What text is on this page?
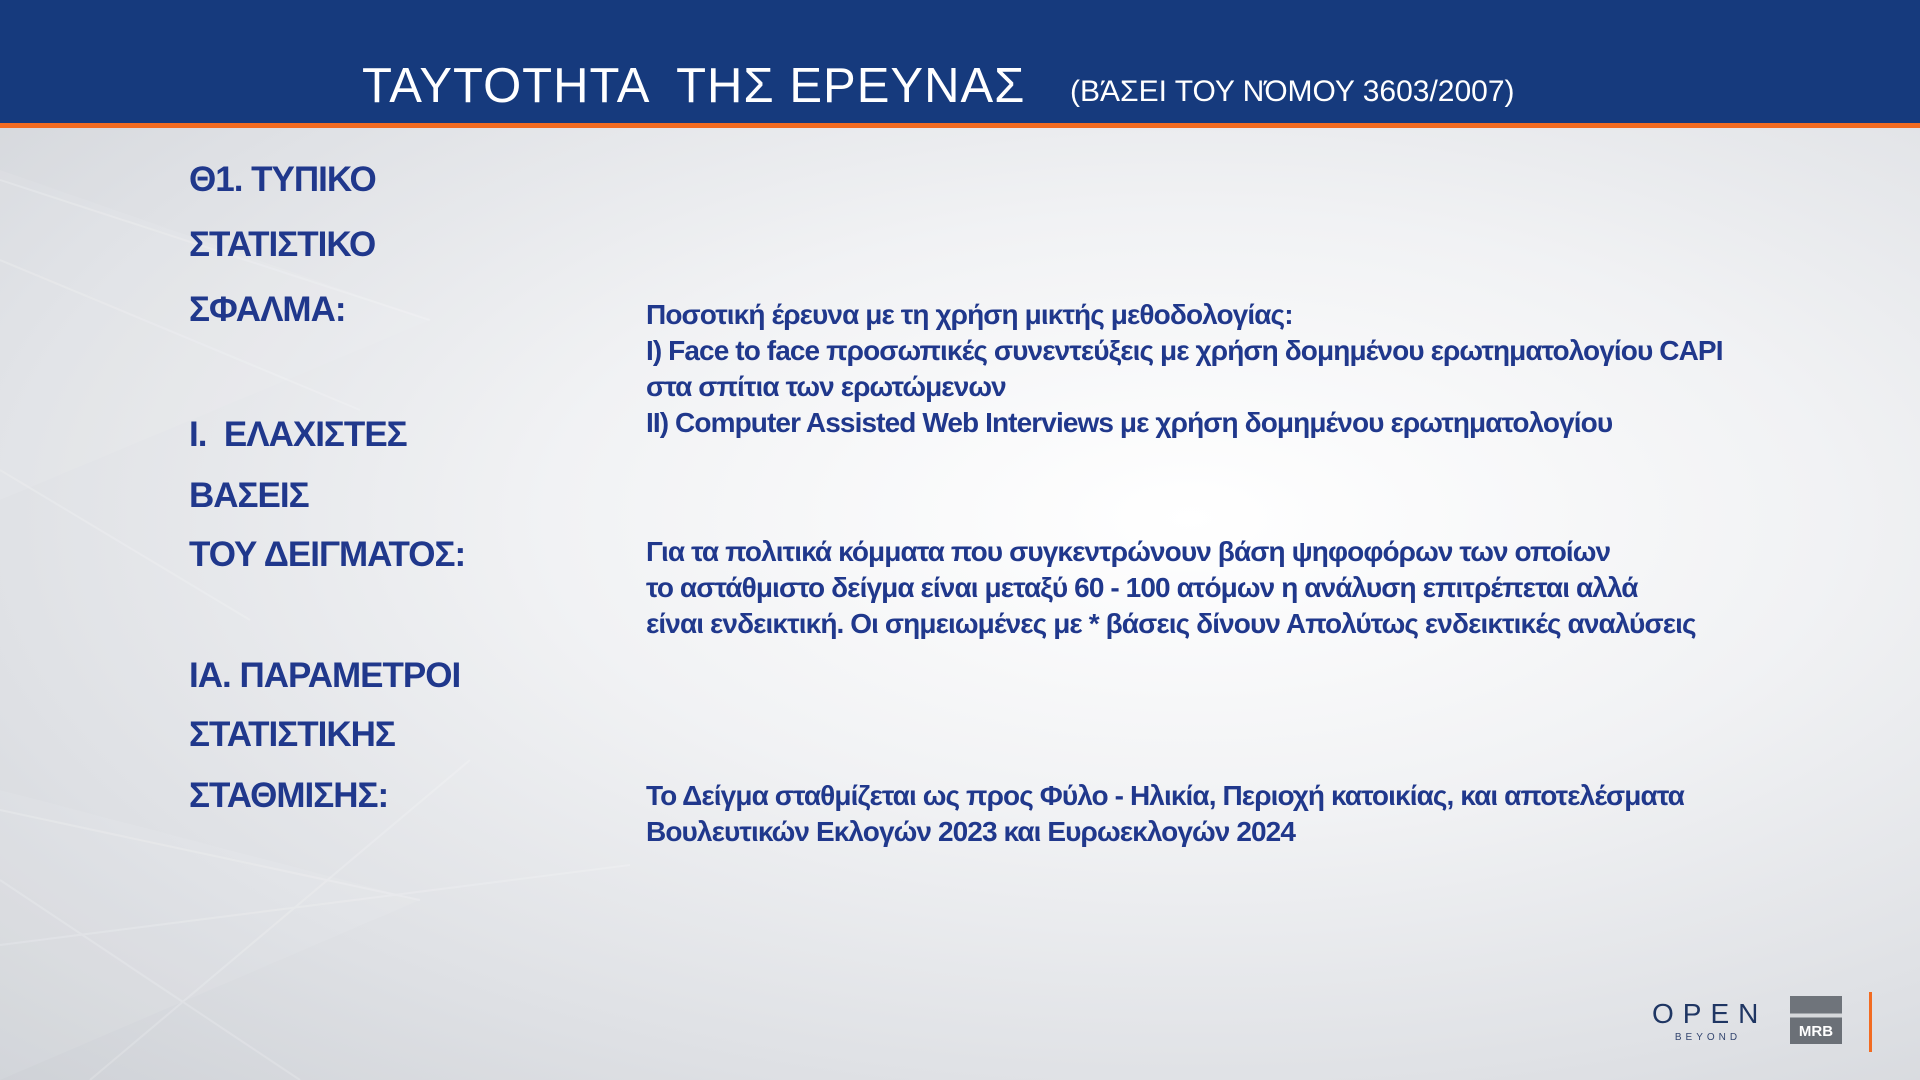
ΤΑΥΤΟΤΗΤΑ  ΤΗΣ ΕΡΕΥΝΑΣ (ΒΆΣΕΙ ΤΟΥ ΝΌΜΟΥ 3603/2007)
Θ1. ΤΥΠΙΚΟ
ΣΤΑΤΙΣΤΙΚΟ
ΣΦΑΛΜΑ:
Ι.  ΕΛΑΧΙΣΤΕΣ
ΒΑΣΕΙΣ
ΤΟΥ ΔΕΙΓΜΑΤΟΣ:
ΙΑ. ΠΑΡΑΜΕΤΡΟΙ
ΣΤΑΤΙΣΤΙΚΗΣ
ΣΤΑΘΜΙΣΗΣ:
Ποσοτική έρευνα με τη χρήση μικτής μεθοδολογίας:
Ι) Face to face προσωπικές συνεντεύξεις με χρήση δομημένου ερωτηματολογίου CAPI
στα σπίτια των ερωτώμενων
ΙΙ) Computer Assisted Web Interviews με χρήση δομημένου ερωτηματολογίου
Για τα πολιτικά κόμματα που συγκεντρώνουν βάση ψηφοφόρων των οποίων
το αστάθμιστο δείγμα είναι μεταξύ 60 - 100 ατόμων η ανάλυση επιτρέπεται αλλά
είναι ενδεικτική. Οι σημειωμένες με * βάσεις δίνουν Απολύτως ενδεικτικές αναλύσεις
Το Δείγμα σταθμίζεται ως προς Φύλο - Ηλικία, Περιοχή κατοικίας, και αποτελέσματα
Βουλευτικών Εκλογών 2023 και Ευρωεκλογών 2024
OPEN
BEYOND	MRB
